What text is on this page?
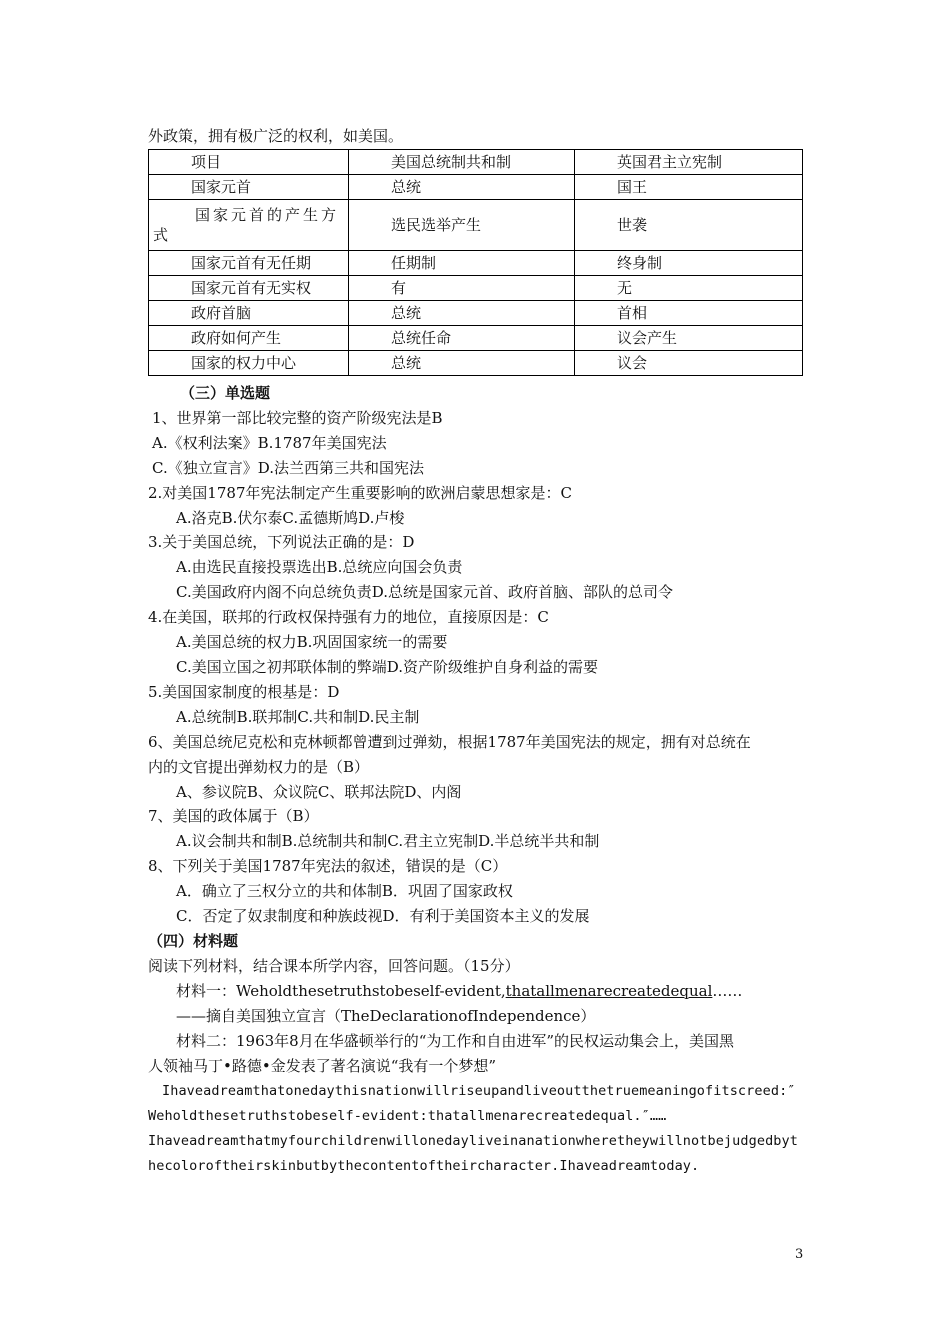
外政策，拥有极广泛的权利，如美国。
项目	美国总统制共和制	英国君主立宪制
国家元首	总统	国王
国家元首的产生方式	选民选举产生	世袭
国家元首有无任期	任期制	终身制
国家元首有无实权	有	无
政府首脑	总统	首相
政府如何产生	总统任命	议会产生
国家的权力中心	总统	议会
（三）单选题
1、世界第一部比较完整的资产阶级宪法是B
A.《权利法案》B.1787年美国宪法
C.《独立宣言》D.法兰西第三共和国宪法
2.对美国1787年宪法制定产生重要影响的欧洲启蒙思想家是：C
A.洛克B.伏尔泰C.孟德斯鸠D.卢梭
3.关于美国总统，下列说法正确的是：D
A.由选民直接投票选出B.总统应向国会负责
C.美国政府内阁不向总统负责D.总统是国家元首、政府首脑、部队的总司令
4.在美国，联邦的行政权保持强有力的地位，直接原因是：C
A.美国总统的权力B.巩固国家统一的需要
C.美国立国之初邦联体制的弊端D.资产阶级维护自身利益的需要
5.美国国家制度的根基是：D
A.总统制B.联邦制C.共和制D.民主制
6、美国总统尼克松和克林顿都曾遭到过弹劾，根据1787年美国宪法的规定，拥有对总统在
内的文官提出弹劾权力的是（B）
A、参议院B、众议院C、联邦法院D、内阁
7、美国的政体属于（B）
A.议会制共和制B.总统制共和制C.君主立宪制D.半总统半共和制
8、下列关于美国1787年宪法的叙述，错误的是（C）
A．确立了三权分立的共和体制B．巩固了国家政权
C．否定了奴隶制度和种族歧视D．有利于美国资本主义的发展
（四）材料题
阅读下列材料，结合课本所学内容，回答问题。（15分）
材料一：Weholdthesetruthstobeself-evident,thatallmenarecreatedequal……
——摘自美国独立宣言（TheDeclarationofIndependence）
材料二：1963年8月在华盛顿举行的“为工作和自由进军”的民权运动集会上，美国黑
人领袖马丁•路德•金发表了著名演说“我有一个梦想”
Ihaveadreamthatonedaythisnationwillriseupandliveoutthetruemeaningofitscreed:″
Weholdthesetruthstobeself-evident:thatallmenarecreatedequal.″……
Ihaveadreamthatmyfourchildrenwillonedayliveinanationwheretheywillnotbejudgedbyt
hecoloroftheirskinbutbythecontentoftheircharacter.Ihaveadreamtoday.
3
